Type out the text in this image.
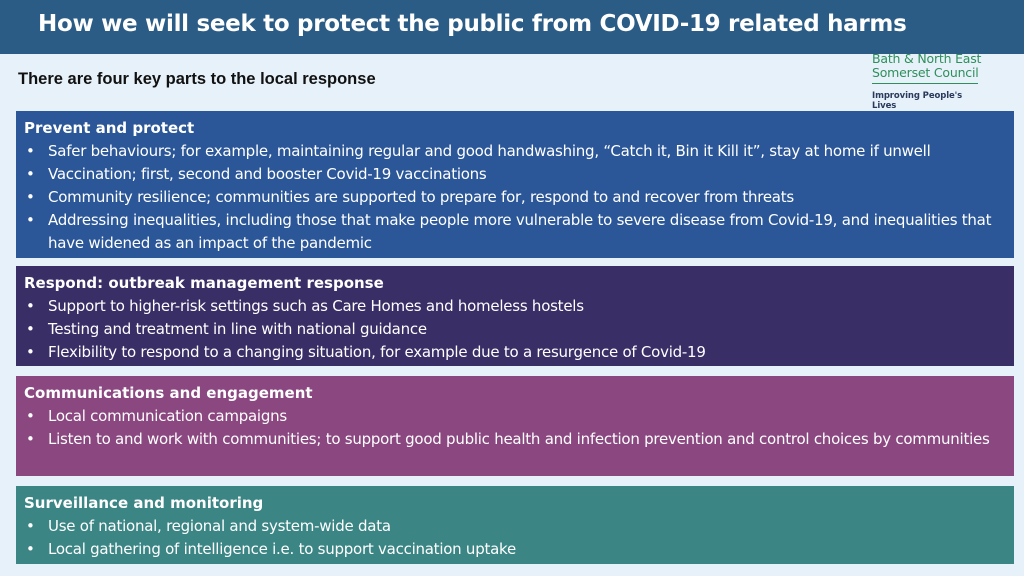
How we will seek to protect the public from COVID-19 related harms
Bath & North East
Somerset Council
Improving People's Lives
There are four key parts to the local response
Prevent and protect
• Safer behaviours; for example, maintaining regular and good handwashing, “Catch it, Bin it Kill it”, stay at home if unwell
• Vaccination; first, second and booster Covid-19 vaccinations
• Community resilience; communities are supported to prepare for, respond to and recover from threats
• Addressing inequalities, including those that make people more vulnerable to severe disease from Covid-19, and inequalities that have widened as an impact of the pandemic
Respond: outbreak management response
• Support to higher-risk settings such as Care Homes and homeless hostels
• Testing and treatment in line with national guidance
• Flexibility to respond to a changing situation, for example due to a resurgence of Covid-19
Communications and engagement
• Local communication campaigns
• Listen to and work with communities; to support good public health and infection prevention and control choices by communities
Surveillance and monitoring
• Use of national, regional and system-wide data
• Local gathering of intelligence i.e. to support vaccination uptake
